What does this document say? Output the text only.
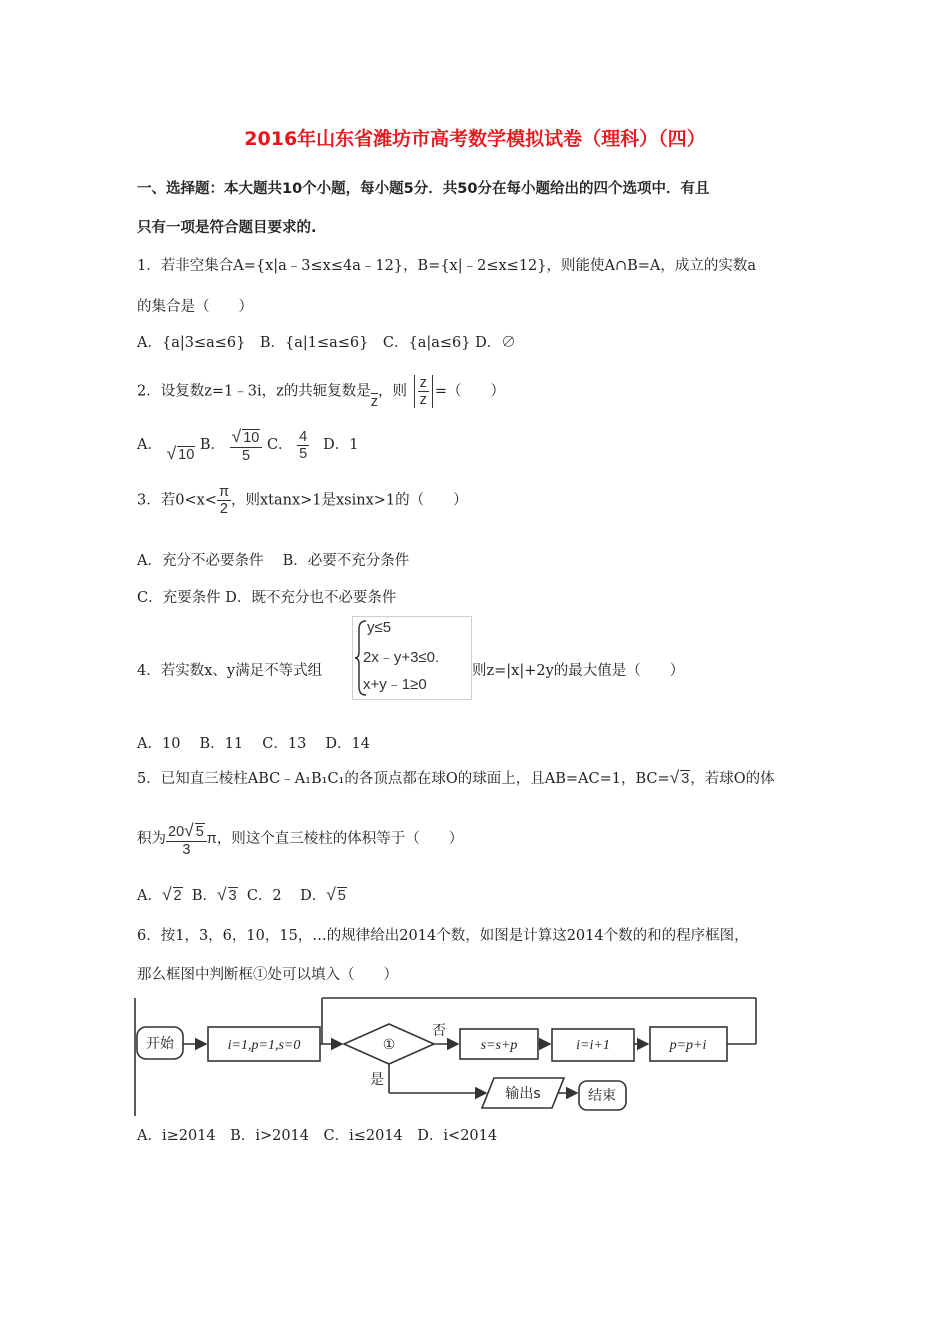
2016年山东省潍坊市高考数学模拟试卷（理科）（四）
一、选择题：本大题共10个小题，每小题5分．共50分在每小题给出的四个选项中．有且
只有一项是符合题目要求的.
1．若非空集合A={x|a﹣3≤x≤4a﹣12}，B={x|﹣2≤x≤12}，则能使A∩B=A，成立的实数a
的集合是（　　）
A．{a|3≤a≤6}　B．{a|1≤a≤6}　C．{a|a≤6} D．∅
2．设复数z=1﹣3i，z的共轭复数是$\overline{z}$，则 $\frac{z}{z}$ =（　　）
A． √ 10 B． $\frac{√ 10}{5}$ C． $\frac{4}{5}$ D．1
3．若$0<x< \frac{\pi}{2}$ ，则xtanx>1是xsinx>1的（　　）
A．充分不必要条件　 B．必要不充分条件
C．充要条件 D．既不充分也不必要条件
4．若实数x、y满足不等式组
y≤5
2x﹣y+3≤0.
x+y﹣1≥0
则z=|x|+2y的最大值是（　　）
A．10　 B．11　 C．13　 D．14
5．已知直三棱柱ABC﹣A₁B₁C₁的各顶点都在球O的球面上，且AB=AC=1，BC=√ 3，若球O的体
积为 $\frac{20√ 5}{3}$ π，则这个直三棱柱的体积等于（　　）
A．√ 2 B．√ 3 C．2 D．√ 5
6．按1，3，6，10，15，…的规律给出2014个数，如图是计算这2014个数的和的程序框图，
那么框图中判断框①处可以填入（　　）
开始	i=1,p=1,s=0	①
否
s=s+p	i=i+1	p=p+i
是
输出s	结束
A．i≥2014　B．i>2014　C．i≤2014　D．i<2014
